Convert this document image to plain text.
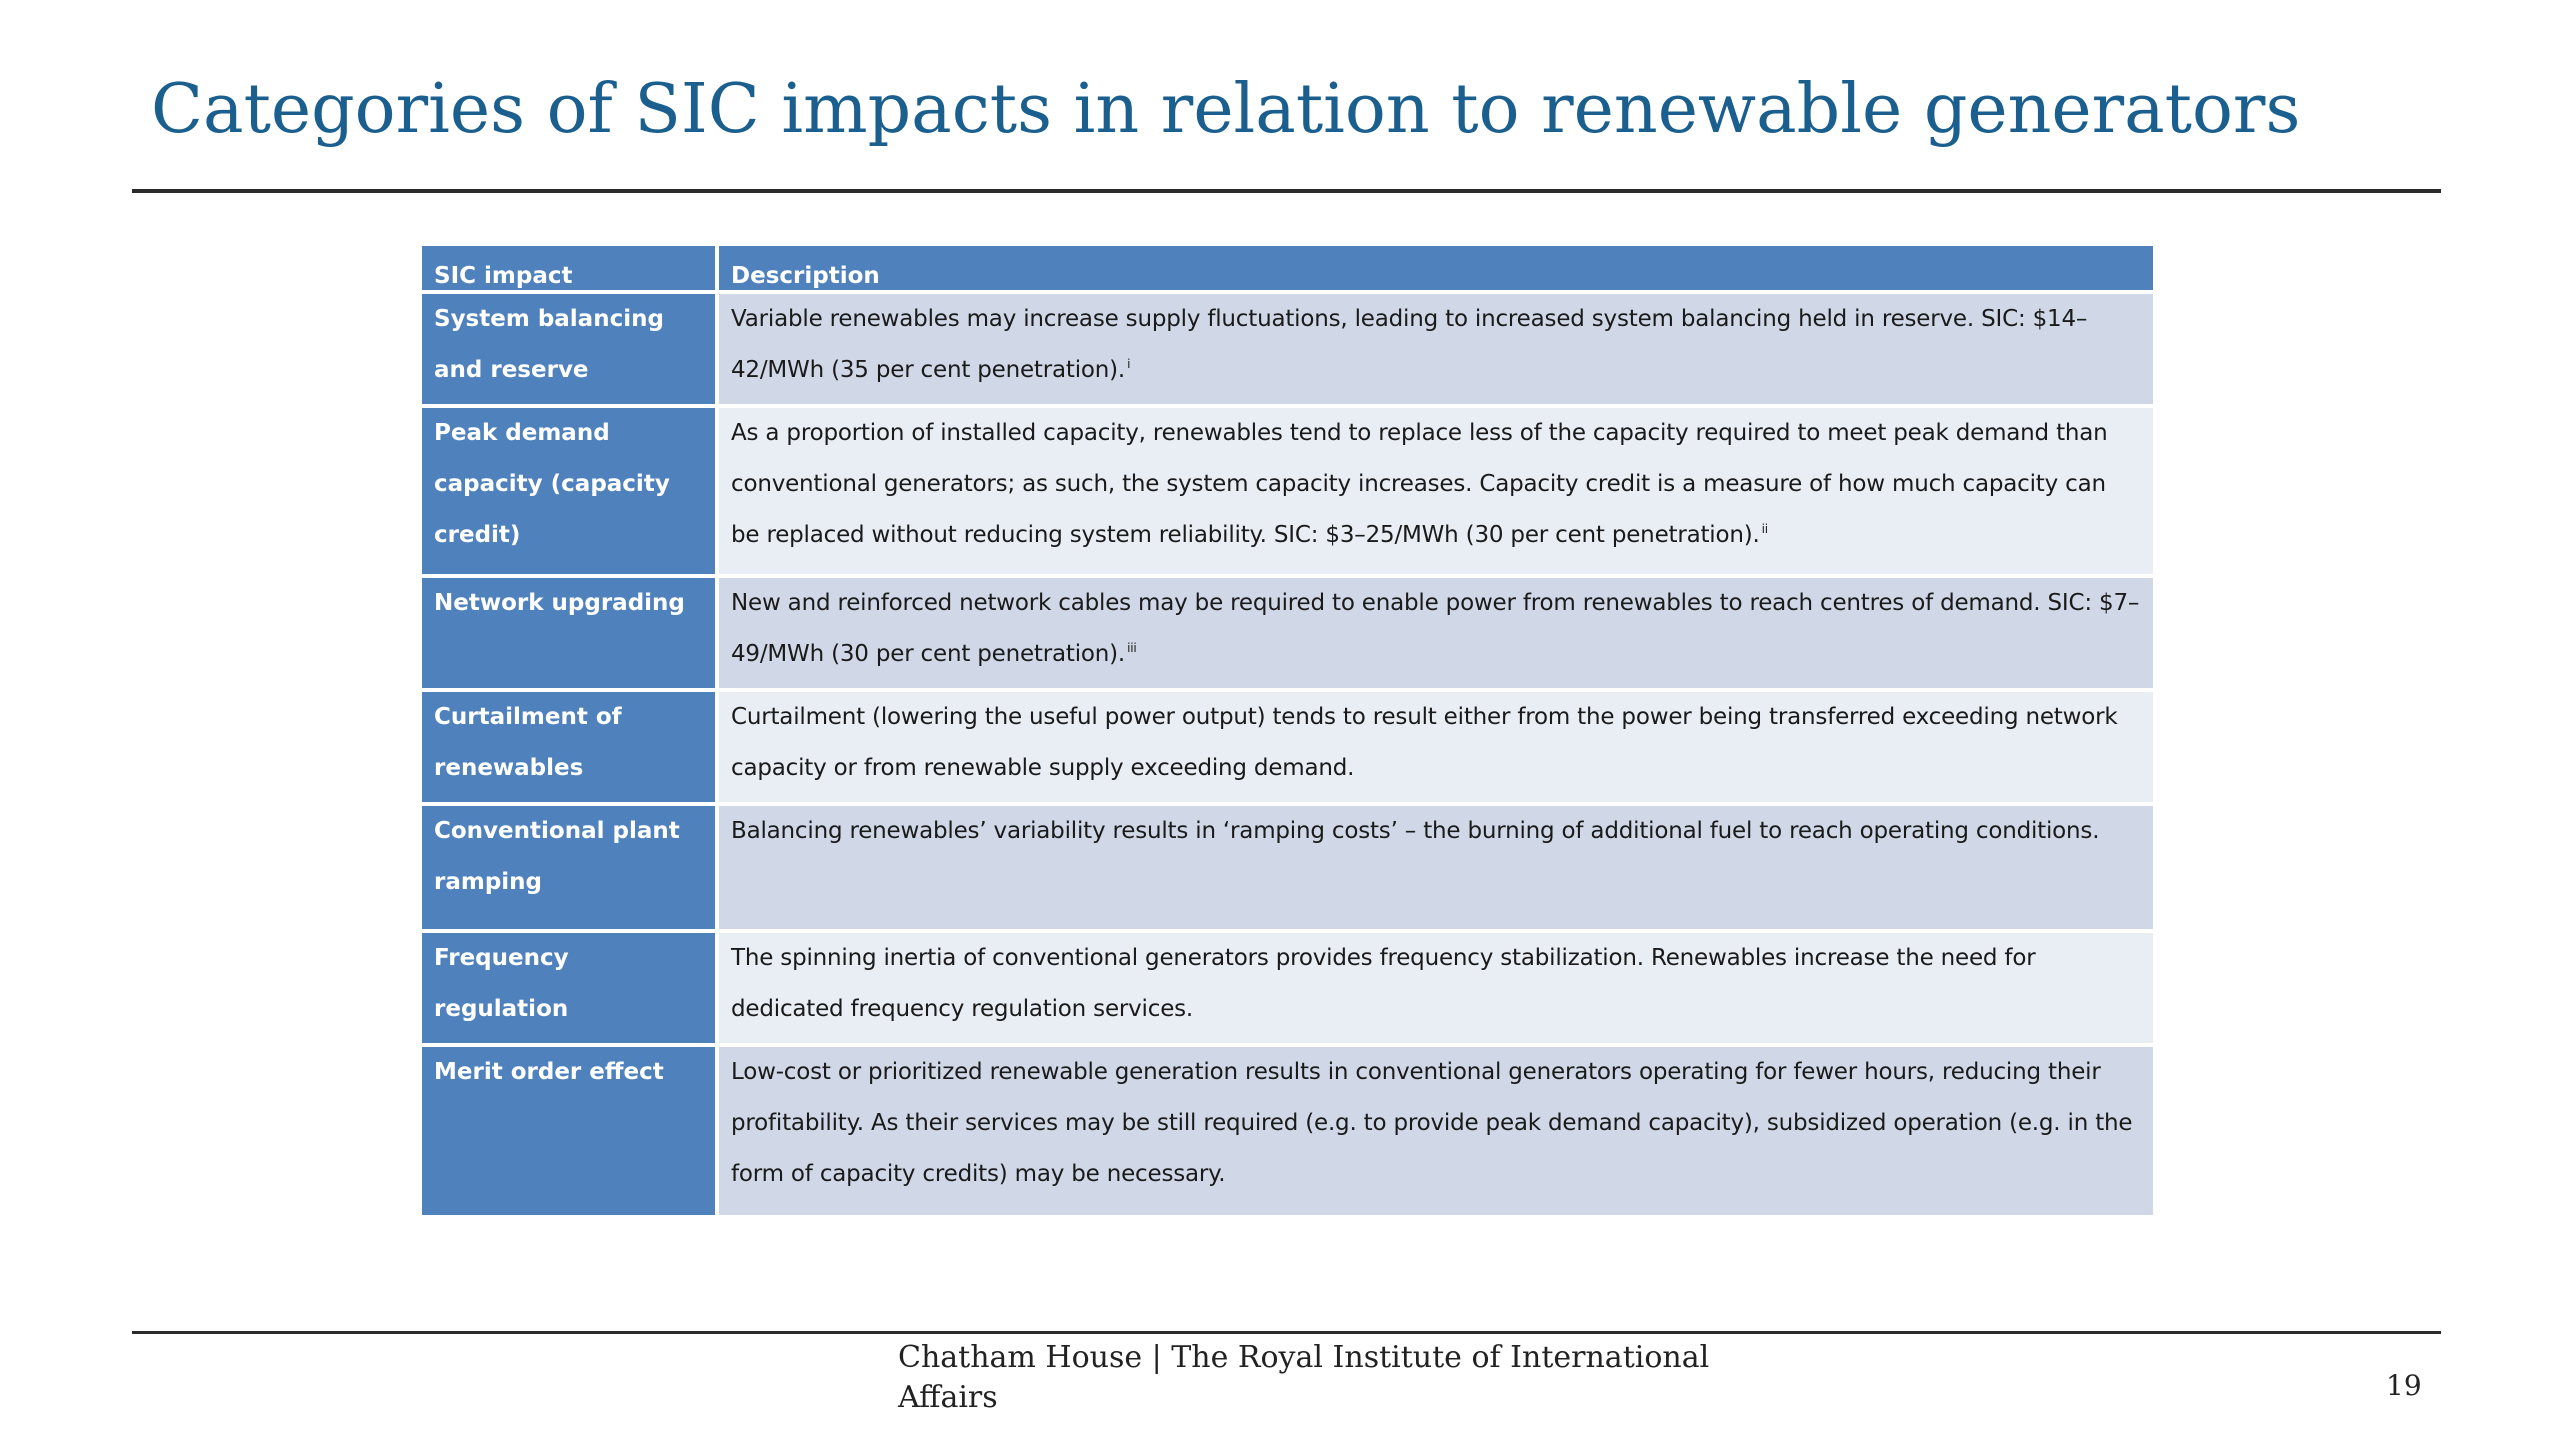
Categories of SIC impacts in relation to renewable generators
SIC impact	Description
System balancing and reserve	Variable renewables may increase supply fluctuations, leading to increased system balancing held in reserve. SIC: $14–42/MWh (35 per cent penetration). $^i$
Peak demand capacity (capacity credit)	As a proportion of installed capacity, renewables tend to replace less of the capacity required to meet peak demand than conventional generators; as such, the system capacity increases. Capacity credit is a measure of how much capacity can be replaced without reducing system reliability. SIC: $3–25/MWh (30 per cent penetration). $^{ii}$
Network upgrading	New and reinforced network cables may be required to enable power from renewables to reach centres of demand. SIC: $7–49/MWh (30 per cent penetration). $^{iii}$
Curtailment of renewables	Curtailment (lowering the useful power output) tends to result either from the power being transferred exceeding network capacity or from renewable supply exceeding demand.
Conventional plant ramping	Balancing renewables’ variability results in ‘ramping costs’ – the burning of additional fuel to reach operating conditions.
Frequency regulation	The spinning inertia of conventional generators provides frequency stabilization. Renewables increase the need for dedicated frequency regulation services.
Merit order effect	Low-cost or prioritized renewable generation results in conventional generators operating for fewer hours, reducing their profitability. As their services may be still required (e.g. to provide peak demand capacity), subsidized operation (e.g. in the form of capacity credits) may be necessary.
Chatham House | The Royal Institute of International Affairs	19
